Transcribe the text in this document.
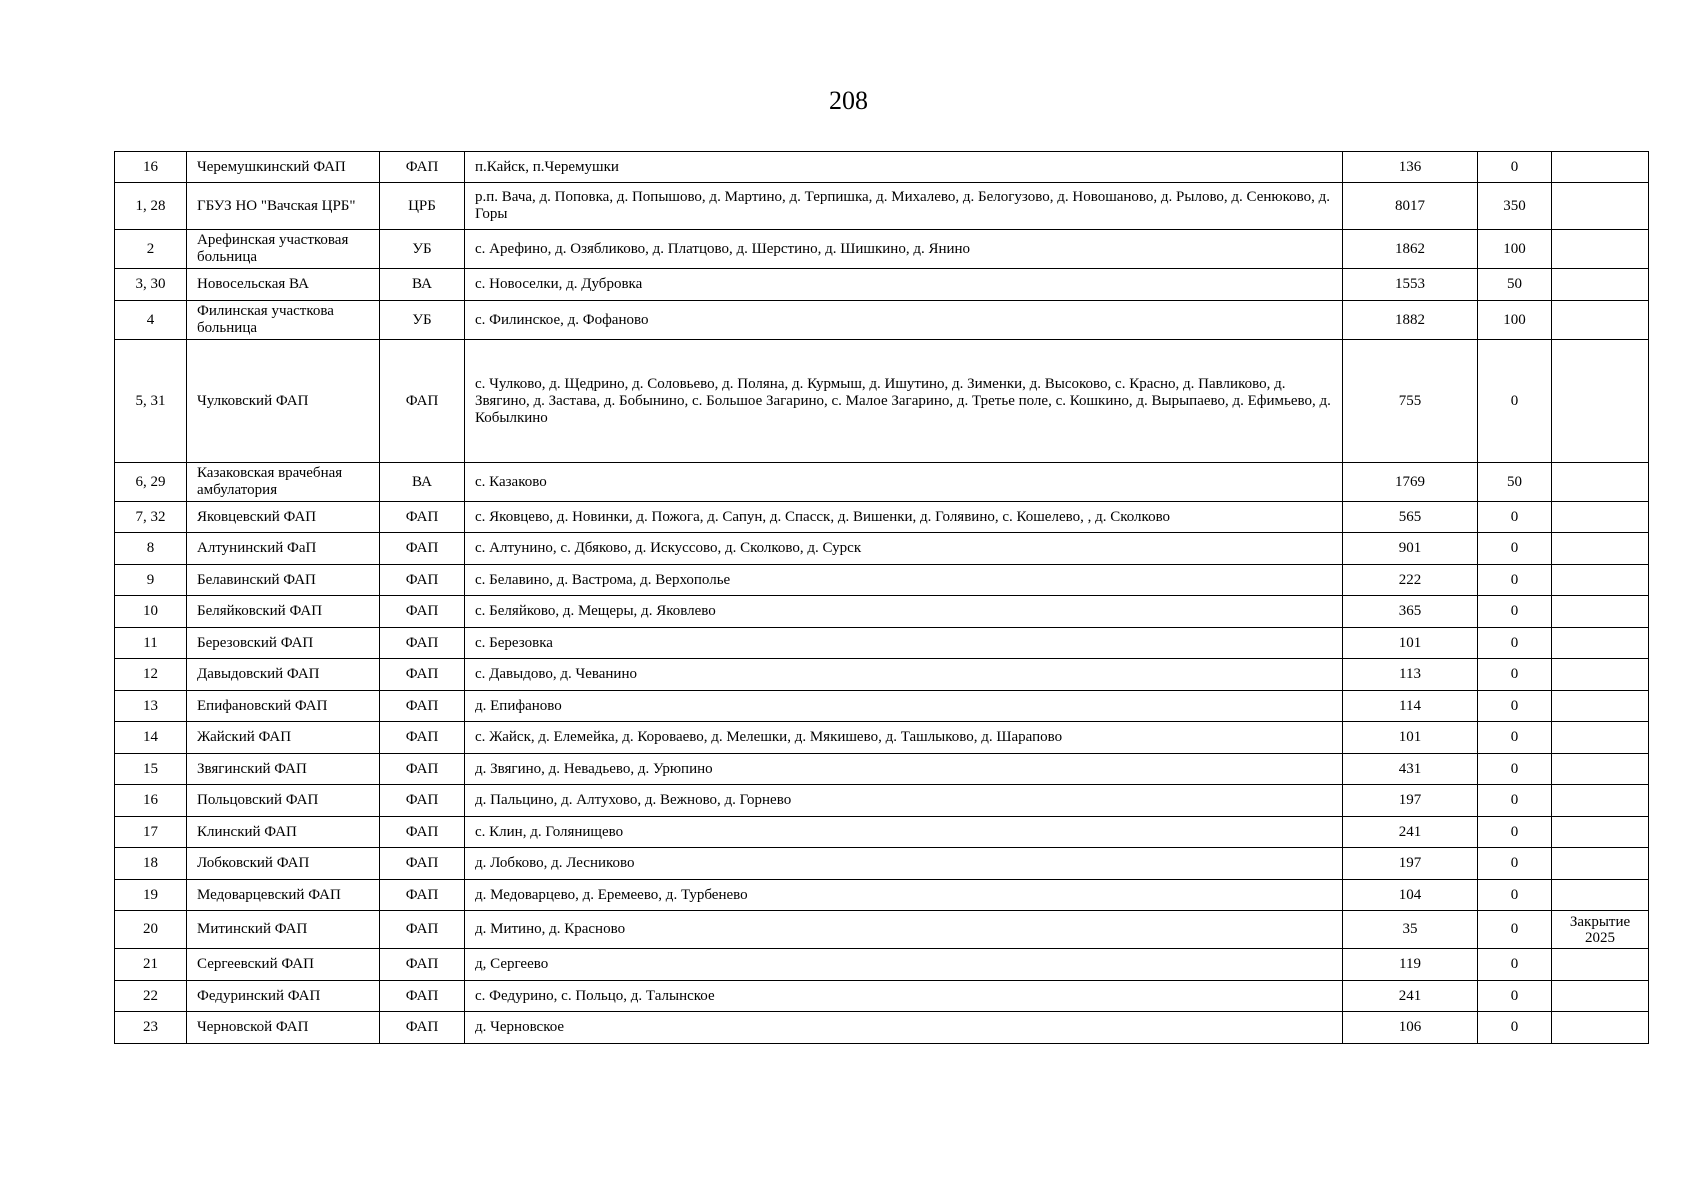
208
16	Черемушкинский ФАП	ФАП	п.Кайск, п.Черемушки	136	0	
1, 28	ГБУЗ НО "Вачская ЦРБ"	ЦРБ	р.п. Вача, д. Поповка, д. Попышово, д. Мартино, д. Терпишка, д. Михалево, д. Белогузово, д. Новошаново, д. Рылово, д. Сенюково, д. Горы	8017	350	
2	Арефинская участковая больница	УБ	с. Арефино, д. Озябликово, д. Платцово, д. Шерстино, д. Шишкино, д. Янино	1862	100	
3, 30	Новосельская ВА	ВА	с. Новоселки, д. Дубровка	1553	50	
4	Филинская участкова больница	УБ	с. Филинское, д. Фофаново	1882	100	
5, 31	Чулковский ФАП	ФАП	с. Чулково, д. Щедрино, д. Соловьево, д. Поляна, д. Курмыш, д. Ишутино, д. Зименки, д. Высоково, с. Красно, д. Павликово, д. Звягино, д. Застава, д. Бобынино, с. Большое Загарино, с. Малое Загарино, д. Третье поле, с. Кошкино, д. Вырыпаево, д. Ефимьево, д. Кобылкино	755	0	
6, 29	Казаковская врачебная амбулатория	ВА	с. Казаково	1769	50	
7, 32	Яковцевский ФАП	ФАП	с. Яковцево, д. Новинки, д. Пожога, д. Сапун, д. Спасск, д. Вишенки, д. Голявино, с. Кошелево, , д. Сколково	565	0	
8	Алтунинский ФаП	ФАП	с. Алтунино, с. Дбяково, д. Искуссово, д. Сколково, д. Сурск	901	0	
9	Белавинский ФАП	ФАП	с. Белавино, д. Вастрома, д. Верхополье	222	0	
10	Беляйковский ФАП	ФАП	с. Беляйково, д. Мещеры, д. Яковлево	365	0	
11	Березовский ФАП	ФАП	с. Березовка	101	0	
12	Давыдовский ФАП	ФАП	с. Давыдово, д. Чеванино	113	0	
13	Епифановский ФАП	ФАП	д. Епифаново	114	0	
14	Жайский ФАП	ФАП	с. Жайск, д. Елемейка, д. Короваево, д. Мелешки, д. Мякишево, д. Ташлыково, д. Шарапово	101	0	
15	Звягинский ФАП	ФАП	д. Звягино, д. Невадьево, д. Урюпино	431	0	
16	Польцовский ФАП	ФАП	д. Пальцино, д. Алтухово, д. Вежново, д. Горнево	197	0	
17	Клинский ФАП	ФАП	с. Клин, д. Голянищево	241	0	
18	Лобковский ФАП	ФАП	д. Лобково, д. Лесниково	197	0	
19	Медоварцевский ФАП	ФАП	д. Медоварцево, д. Еремеево, д. Турбенево	104	0	
20	Митинский ФАП	ФАП	д. Митино, д. Красново	35	0	Закрытие 2025
21	Сергеевский ФАП	ФАП	д, Сергеево	119	0	
22	Федуринский ФАП	ФАП	с. Федурино, с. Польцо, д. Талынское	241	0	
23	Черновской ФАП	ФАП	д. Черновское	106	0	
